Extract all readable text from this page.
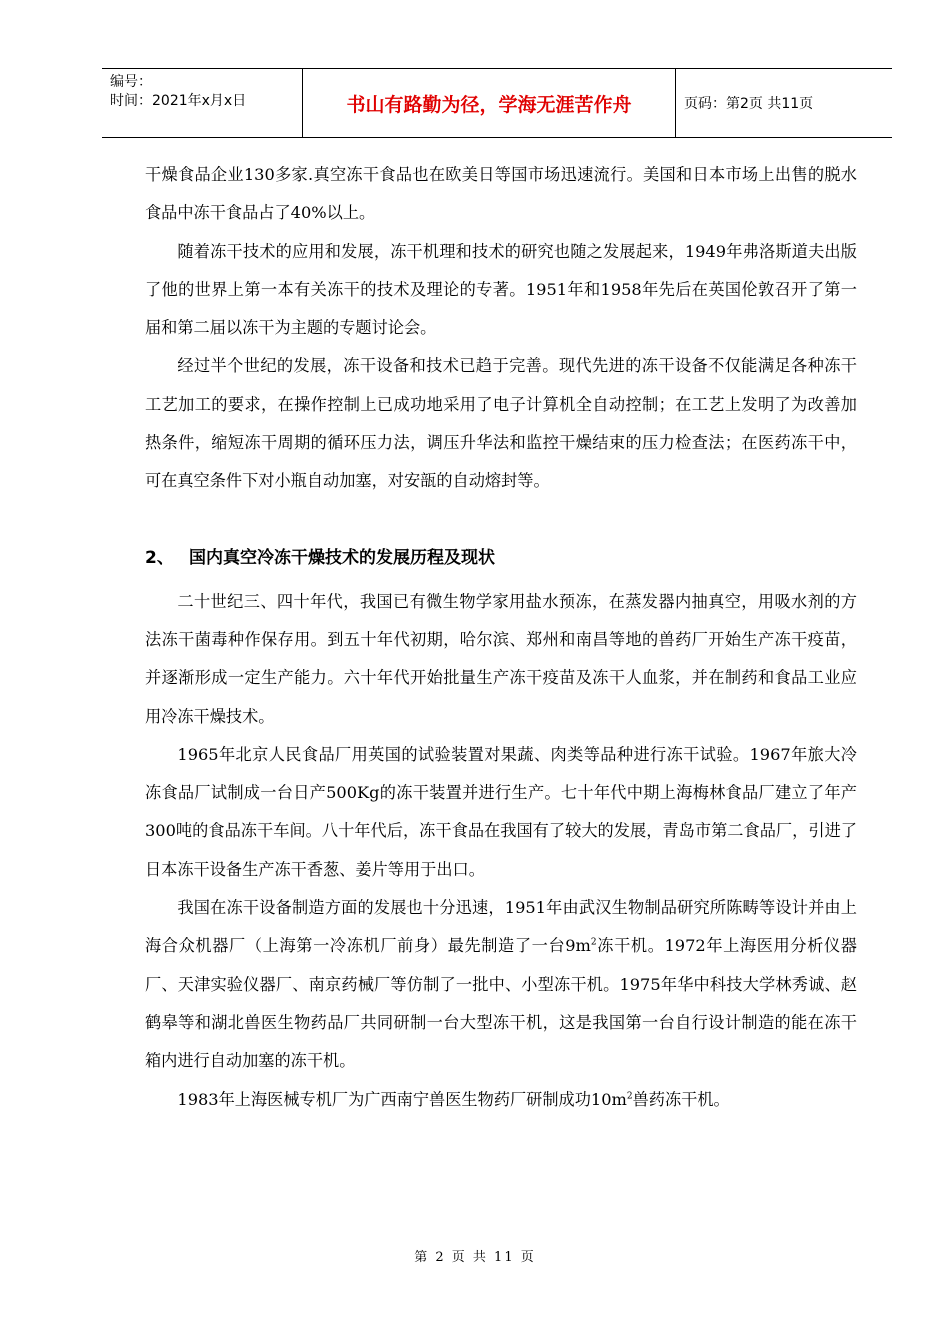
编号：
时间：2021年x月x日	书山有路勤为径，学海无涯苦作舟	页码：第2页 共11页

干燥食品企业130多家.真空冻干食品也在欧美日等国市场迅速流行。美国和日本市场上出售的脱水食品中冻干食品占了40%以上。

随着冻干技术的应用和发展，冻干机理和技术的研究也随之发展起来，1949年弗洛斯道夫出版了他的世界上第一本有关冻干的技术及理论的专著。1951年和1958年先后在英国伦敦召开了第一届和第二届以冻干为主题的专题讨论会。

经过半个世纪的发展，冻干设备和技术已趋于完善。现代先进的冻干设备不仅能满足各种冻干工艺加工的要求，在操作控制上已成功地采用了电子计算机全自动控制；在工艺上发明了为改善加热条件，缩短冻干周期的循环压力法，调压升华法和监控干燥结束的压力检查法；在医药冻干中，可在真空条件下对小瓶自动加塞，对安瓿的自动熔封等。

2、 国内真空冷冻干燥技术的发展历程及现状

二十世纪三、四十年代，我国已有微生物学家用盐水预冻，在蒸发器内抽真空，用吸水剂的方法冻干菌毒种作保存用。到五十年代初期，哈尔滨、郑州和南昌等地的兽药厂开始生产冻干疫苗，并逐渐形成一定生产能力。六十年代开始批量生产冻干疫苗及冻干人血浆，并在制药和食品工业应用冷冻干燥技术。

1965年北京人民食品厂用英国的试验装置对果蔬、肉类等品种进行冻干试验。1967年旅大冷冻食品厂试制成一台日产500Kg的冻干装置并进行生产。七十年代中期上海梅林食品厂建立了年产300吨的食品冻干车间。八十年代后，冻干食品在我国有了较大的发展，青岛市第二食品厂，引进了日本冻干设备生产冻干香葱、姜片等用于出口。

我国在冻干设备制造方面的发展也十分迅速，1951年由武汉生物制品研究所陈畴等设计并由上海合众机器厂（上海第一冷冻机厂前身）最先制造了一台$9m^2$冻干机。1972年上海医用分析仪器厂、天津实验仪器厂、南京药械厂等仿制了一批中、小型冻干机。1975年华中科技大学林秀诚、赵鹤皋等和湖北兽医生物药品厂共同研制一台大型冻干机，这是我国第一台自行设计制造的能在冻干箱内进行自动加塞的冻干机。

1983年上海医械专机厂为广西南宁兽医生物药厂研制成功$10m^2$兽药冻干机。

第 2 页 共 11 页
